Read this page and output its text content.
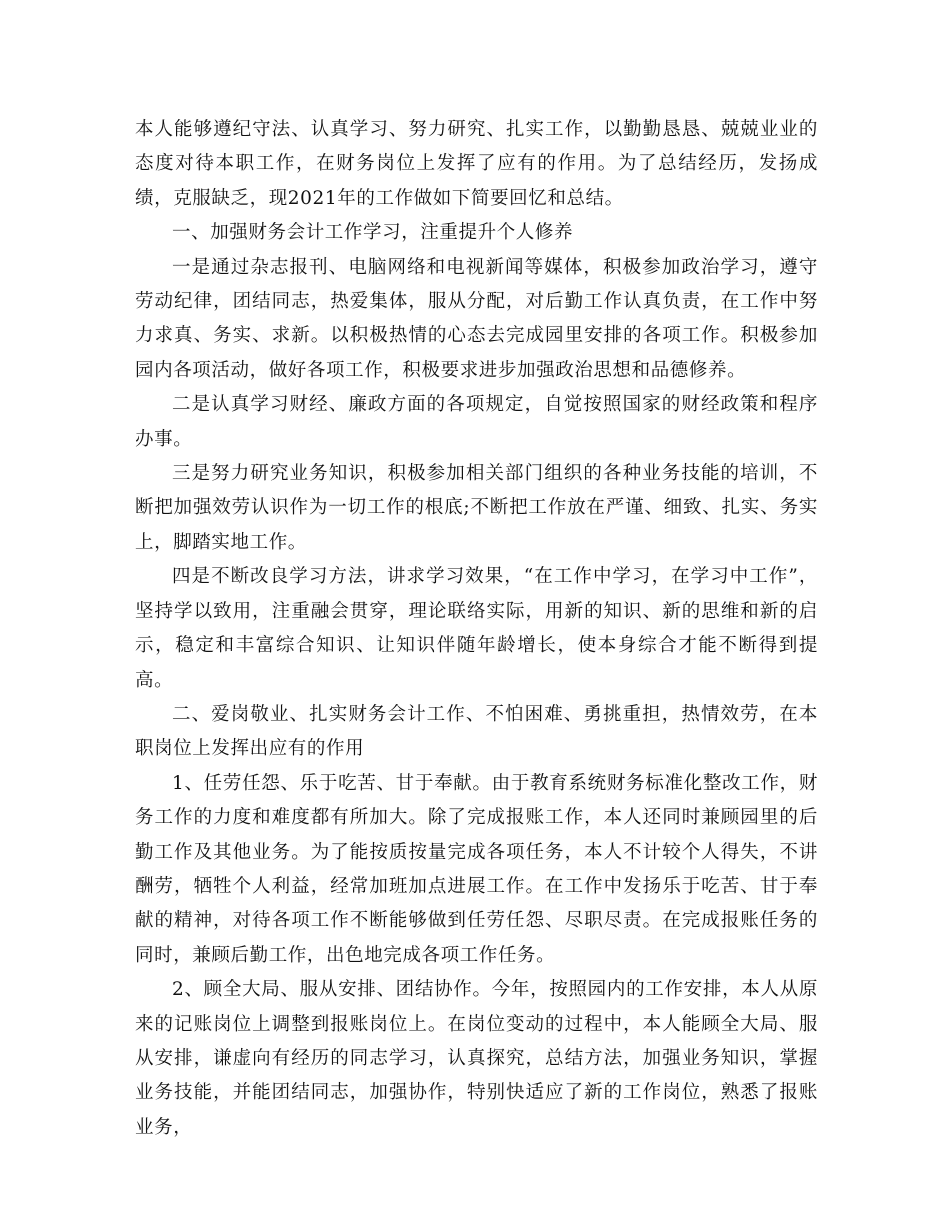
本人能够遵纪守法、认真学习、努力研究、扎实工作，以勤勤恳恳、兢兢业业的态度对待本职工作，在财务岗位上发挥了应有的作用。为了总结经历，发扬成绩，克服缺乏，现2021年的工作做如下简要回忆和总结。

一、加强财务会计工作学习，注重提升个人修养

一是通过杂志报刊、电脑网络和电视新闻等媒体，积极参加政治学习，遵守劳动纪律，团结同志，热爱集体，服从分配，对后勤工作认真负责，在工作中努力求真、务实、求新。以积极热情的心态去完成园里安排的各项工作。积极参加园内各项活动，做好各项工作，积极要求进步加强政治思想和品德修养。

二是认真学习财经、廉政方面的各项规定，自觉按照国家的财经政策和程序办事。

三是努力研究业务知识，积极参加相关部门组织的各种业务技能的培训，不断把加强效劳认识作为一切工作的根底;不断把工作放在严谨、细致、扎实、务实上，脚踏实地工作。

四是不断改良学习方法，讲求学习效果，“在工作中学习，在学习中工作”，坚持学以致用，注重融会贯穿，理论联络实际，用新的知识、新的思维和新的启示，稳定和丰富综合知识、让知识伴随年龄增长，使本身综合才能不断得到提高。

二、爱岗敬业、扎实财务会计工作、不怕困难、勇挑重担，热情效劳，在本职岗位上发挥出应有的作用

1、任劳任怨、乐于吃苦、甘于奉献。由于教育系统财务标准化整改工作，财务工作的力度和难度都有所加大。除了完成报账工作，本人还同时兼顾园里的后勤工作及其他业务。为了能按质按量完成各项任务，本人不计较个人得失，不讲酬劳，牺牲个人利益，经常加班加点进展工作。在工作中发扬乐于吃苦、甘于奉献的精神，对待各项工作不断能够做到任劳任怨、尽职尽责。在完成报账任务的同时，兼顾后勤工作，出色地完成各项工作任务。

2、顾全大局、服从安排、团结协作。今年，按照园内的工作安排，本人从原来的记账岗位上调整到报账岗位上。在岗位变动的过程中，本人能顾全大局、服从安排，谦虚向有经历的同志学习，认真探究，总结方法，加强业务知识，掌握业务技能，并能团结同志，加强协作，特别快适应了新的工作岗位，熟悉了报账业务，
